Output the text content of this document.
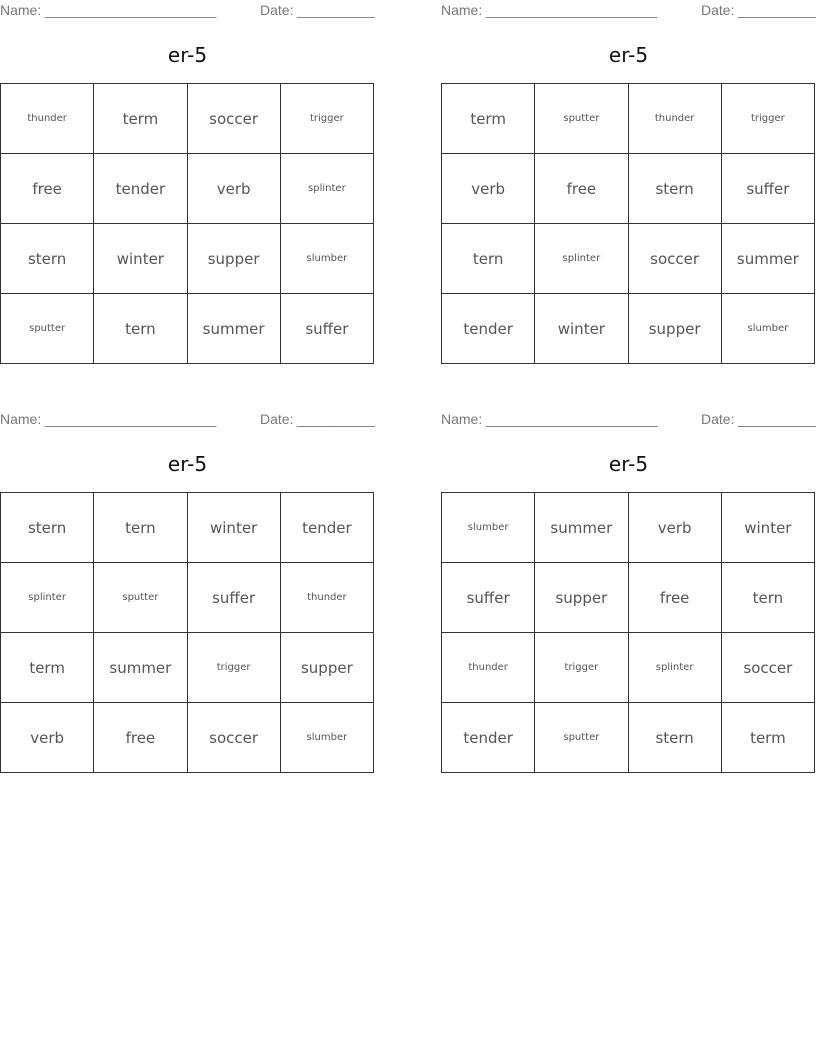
Name: ______________________	Date: __________
er-5
thunder	term	soccer	trigger
free	tender	verb	splinter
stern	winter	supper	slumber
sputter	tern	summer	suffer
Name: ______________________	Date: __________
er-5
term	sputter	thunder	trigger
verb	free	stern	suffer
tern	splinter	soccer	summer
tender	winter	supper	slumber
Name: ______________________	Date: __________
er-5
stern	tern	winter	tender
splinter	sputter	suffer	thunder
term	summer	trigger	supper
verb	free	soccer	slumber
Name: ______________________	Date: __________
er-5
slumber	summer	verb	winter
suffer	supper	free	tern
thunder	trigger	splinter	soccer
tender	sputter	stern	term
